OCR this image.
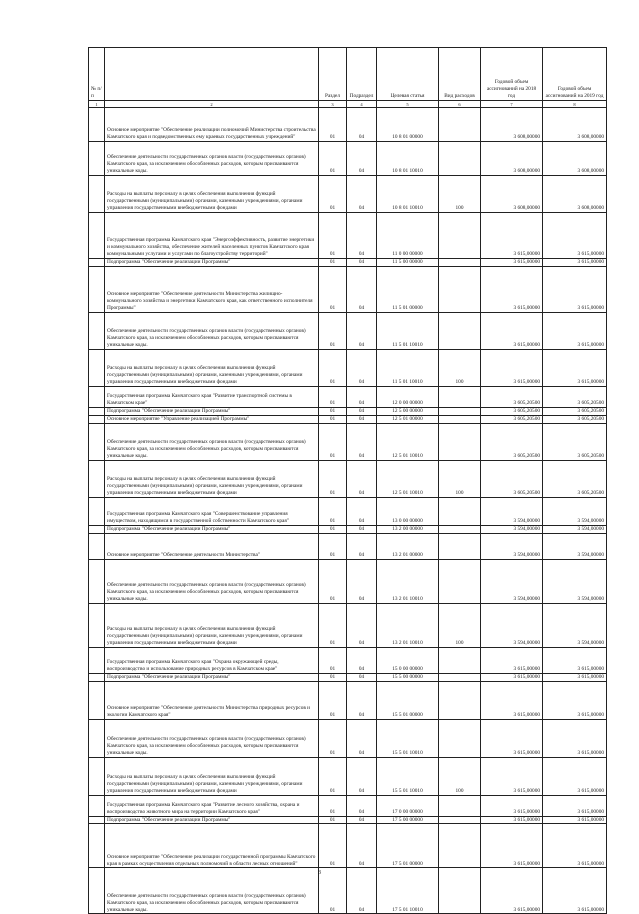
№ п/п		Раздел	Подраздел	Целевая статья	Вид расходов	Годовой объем ассигнований на 2018 год	Годовой объем ассигнований на 2019 год
1	2	3	4	5	6	7	8
	Основное мероприятие "Обеспечение реализации полномочий Министерства строительства Камчатского края и подведомственных ему краевых государственных учреждений"	01	04	10 8 01 00000		3 608,00000	3 608,00000
	Обеспечение деятельности государственных органов власти (государственных органов) Камчатского края, за исключением обособленных расходов, которым присваиваются уникальные коды.	01	04	10 8 01 10010		3 608,00000	3 608,00000
	Расходы на выплаты персоналу в целях обеспечения выполнения функций государственными (муниципальными) органами, казенными учреждениями, органами управления государственными внебюджетными фондами	01	04	10 8 01 10010	100	3 608,00000	3 608,00000
	Государственная программа Камчатского края "Энергоэффективность, развитие энергетики и коммунального хозяйства, обеспечение жителей населенных пунктов Камчатского края коммунальными услугами и услугами по благоустройству территорий"	01	04	11 0 00 00000		3 615,00000	3 615,00000
	Подпрограмма "Обеспечение реализации Программы"	01	04	11 5 00 00000		3 615,00000	3 615,00000
	Основное мероприятие "Обеспечение деятельности Министерства жилищно-коммунального хозяйства и энергетики Камчатского края, как ответственного исполнителя Программы"	01	04	11 5 01 00000		3 615,00000	3 615,00000
	Обеспечение деятельности государственных органов власти (государственных органов) Камчатского края, за исключением обособленных расходов, которым присваиваются уникальные коды.	01	04	11 5 01 10010		3 615,00000	3 615,00000
	Расходы на выплаты персоналу в целях обеспечения выполнения функций государственными (муниципальными) органами, казенными учреждениями, органами управления государственными внебюджетными фондами	01	04	11 5 01 10010	100	3 615,00000	3 615,00000
	Государственная программа Камчатского края "Развитие транспортной системы в Камчатском крае"	01	04	12 0 00 00000		3 605,20500	3 605,20500
	Подпрограмма "Обеспечение реализации Программы"	01	04	12 5 00 00000		3 605,20500	3 605,20500
	Основное мероприятие "Управление реализацией Программы"	01	04	12 5 01 00000		3 605,20500	3 605,20500
	Обеспечение деятельности государственных органов власти (государственных органов) Камчатского края, за исключением обособленных расходов, которым присваиваются уникальные коды.	01	04	12 5 01 10010		3 605,20500	3 605,20500
	Расходы на выплаты персоналу в целях обеспечения выполнения функций государственными (муниципальными) органами, казенными учреждениями, органами управления государственными внебюджетными фондами	01	04	12 5 01 10010	100	3 605,20500	3 605,20500
	Государственная программа Камчатского края "Совершенствование управления имуществом, находящимся в государственной собственности Камчатского края"	01	04	13 0 00 00000		3 594,00000	3 594,00000
	Подпрограмма "Обеспечение реализации Программы"	01	04	13 2 00 00000		3 594,00000	3 594,00000
	Основное мероприятие "Обеспечение деятельности Министерства"	01	04	13 2 01 00000		3 594,00000	3 594,00000
	Обеспечение деятельности государственных органов власти (государственных органов) Камчатского края, за исключением обособленных расходов, которым присваиваются уникальные коды.	01	04	13 2 01 10010		3 594,00000	3 594,00000
	Расходы на выплаты персоналу в целях обеспечения выполнения функций государственными (муниципальными) органами, казенными учреждениями, органами управления государственными внебюджетными фондами	01	04	13 2 01 10010	100	3 594,00000	3 594,00000
	Государственная программа Камчатского края "Охрана окружающей среды, воспроизводство и использование природных ресурсов в Камчатском крае"	01	04	15 0 00 00000		3 615,00000	3 615,00000
	Подпрограмма "Обеспечение реализации Программы"	01	04	15 5 00 00000		3 615,00000	3 615,00000
	Основное мероприятие "Обеспечение деятельности Министерства природных ресурсов и экологии Камчатского края"	01	04	15 5 01 00000		3 615,00000	3 615,00000
	Обеспечение деятельности государственных органов власти (государственных органов) Камчатского края, за исключением обособленных расходов, которым присваиваются уникальные коды.	01	04	15 5 01 10010		3 615,00000	3 615,00000
	Расходы на выплаты персоналу в целях обеспечения выполнения функций государственными (муниципальными) органами, казенными учреждениями, органами управления государственными внебюджетными фондами	01	04	15 5 01 10010	100	3 615,00000	3 615,00000
	Государственная программа Камчатского края "Развитие лесного хозяйства, охрана и воспроизводство животного мира на территории Камчатского края"	01	04	17 0 00 00000		3 615,00000	3 615,00000
	Подпрограмма "Обеспечение реализации Программы"	01	04	17 5 00 00000		3 615,00000	3 615,00000
	Основное мероприятие "Обеспечение реализации государственной программы Камчатского края в рамках осуществления отдельных полномочий в области лесных отношений"	01	04	17 5 01 00000		3 615,00000	3 615,00000
	Обеспечение деятельности государственных органов власти (государственных органов) Камчатского края, за исключением обособленных расходов, которым присваиваются уникальные коды.	01	04	17 5 01 10010		3 615,00000	3 615,00000
3
